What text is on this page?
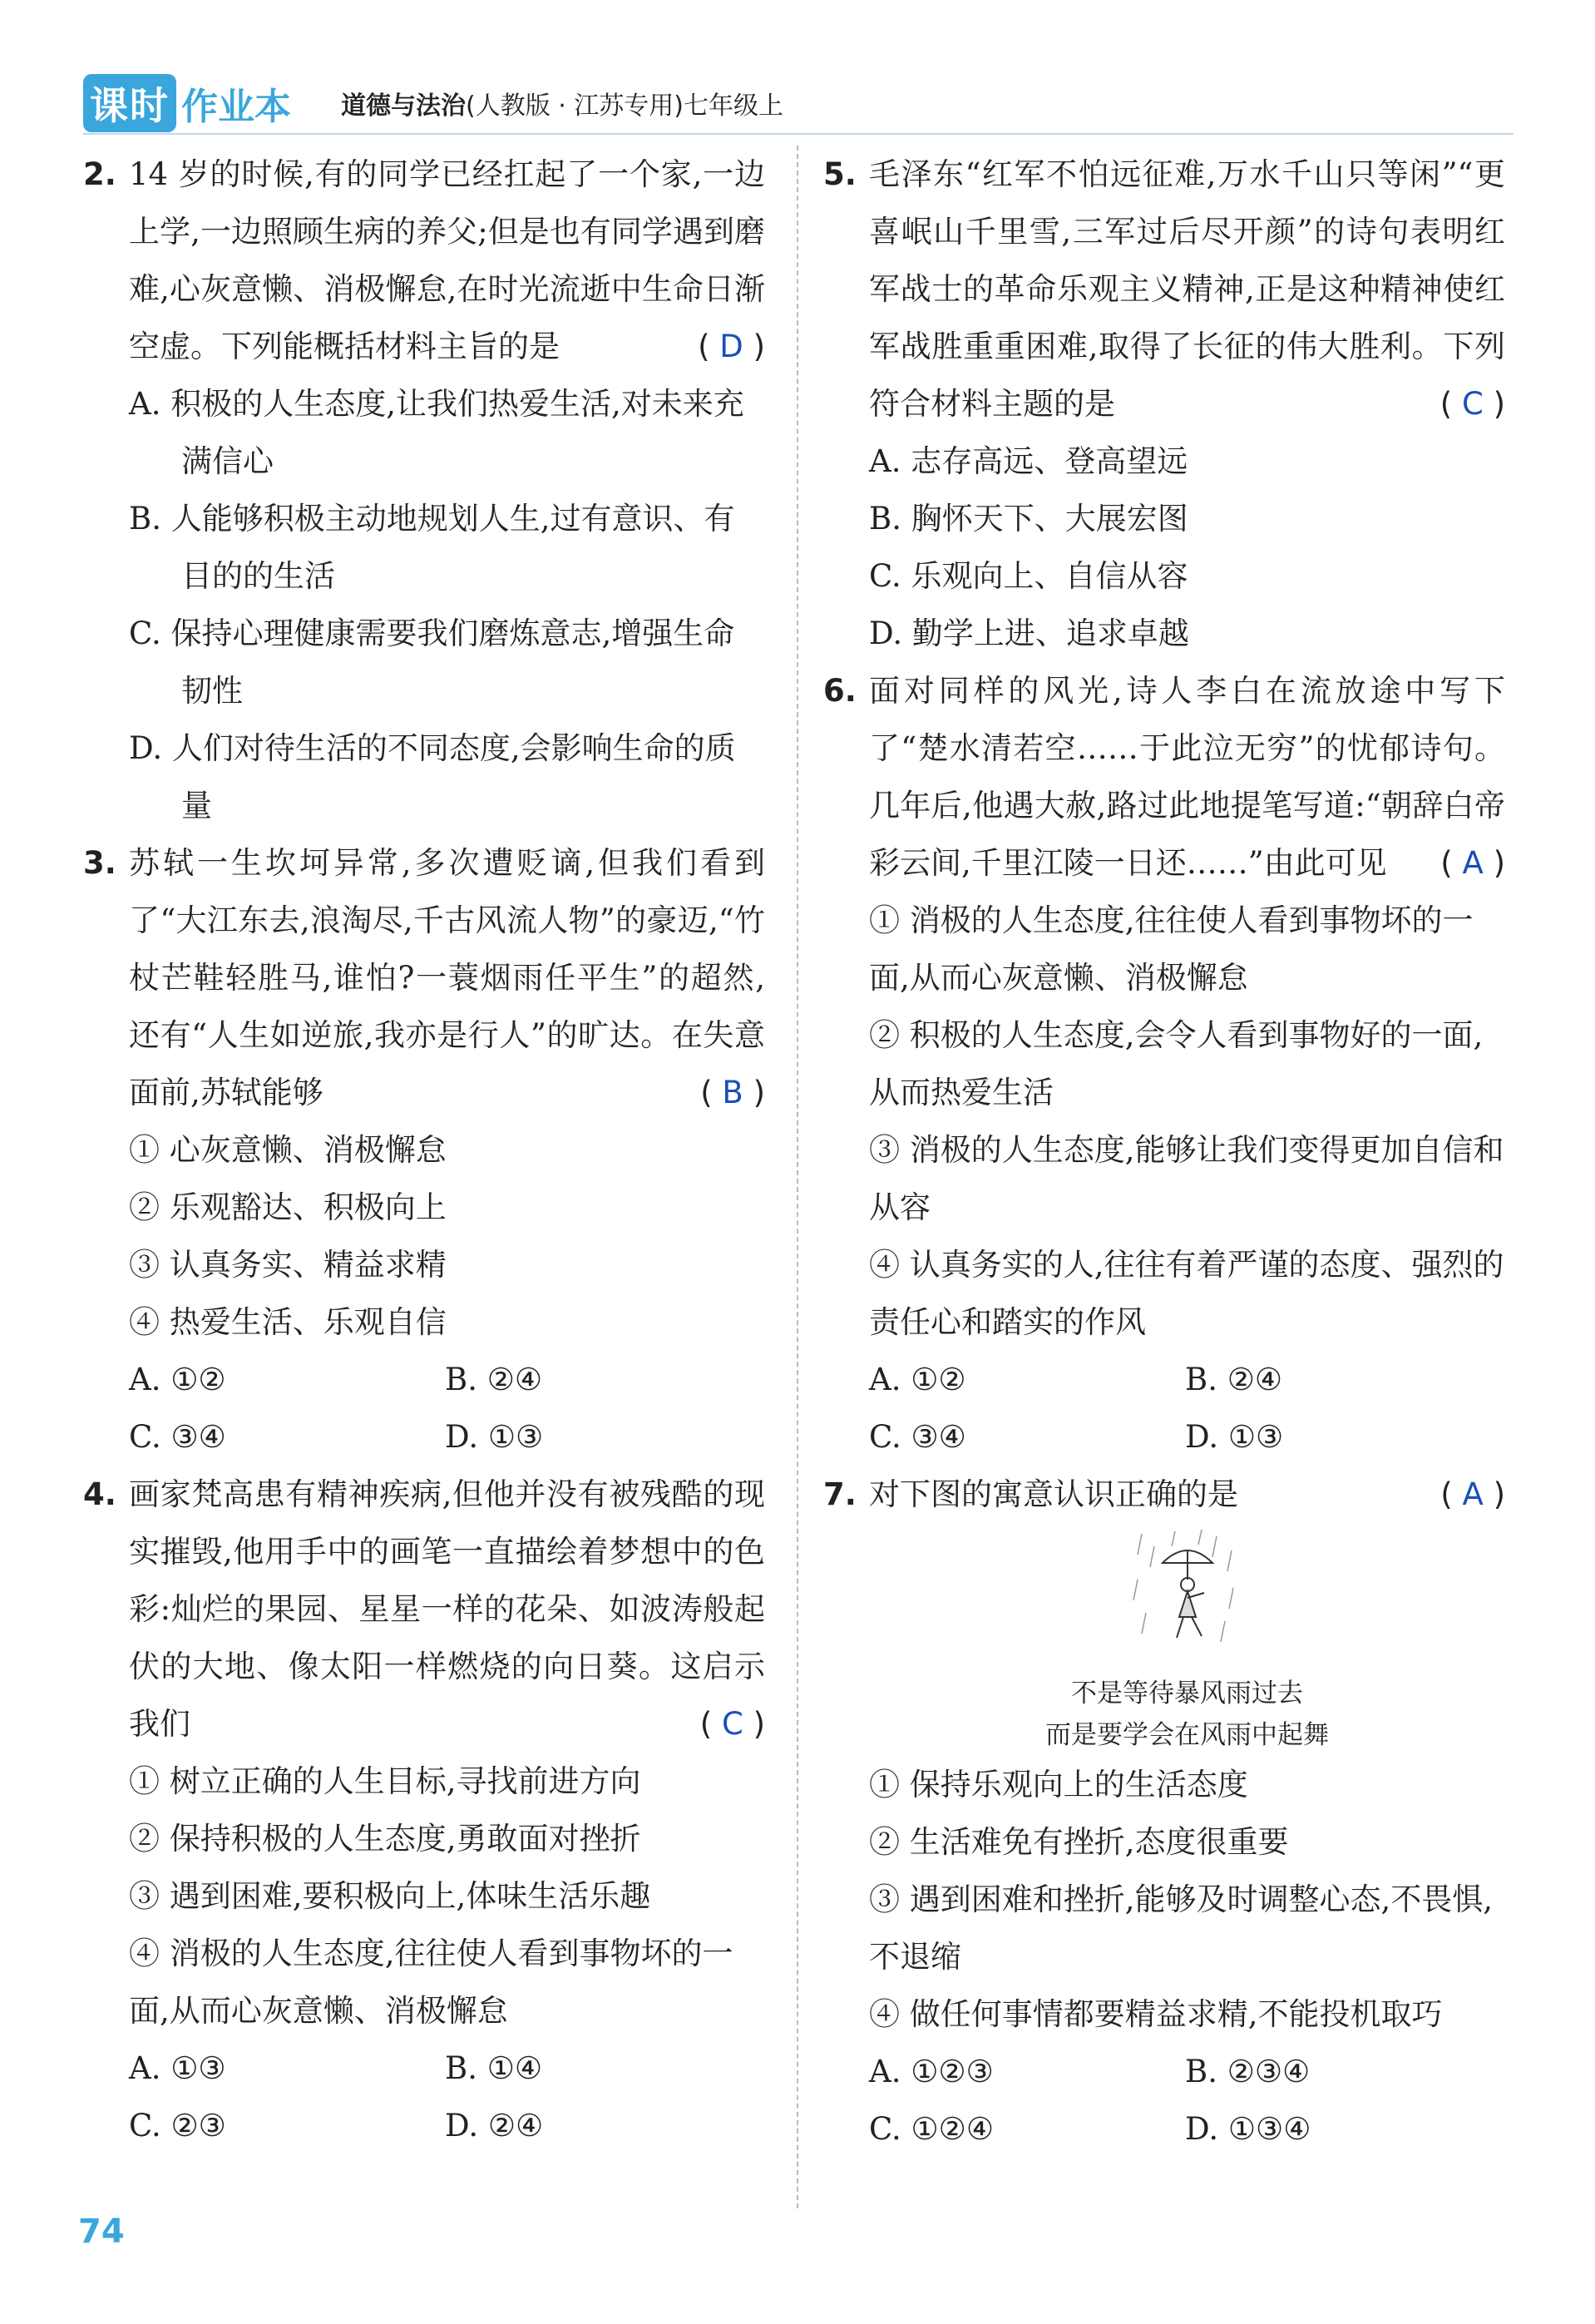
课时 作业本 道德与法治(人教版 · 江苏专用)七年级上
2. 14 岁的时候,有的同学已经扛起了一个家,一边上学,一边照顾生病的养父;但是也有同学遇到磨难,心灰意懒、消极懈怠,在时光流逝中生命日渐空虚。下列能概括材料主旨的是	( D )
A. 积极的人生态度,让我们热爱生活,对未来充满信心
B. 人能够积极主动地规划人生,过有意识、有目的的生活
C. 保持心理健康需要我们磨炼意志,增强生命韧性
D. 人们对待生活的不同态度,会影响生命的质量
3. 苏轼一生坎坷异常,多次遭贬谪,但我们看到了“大江东去,浪淘尽,千古风流人物”的豪迈,“竹杖芒鞋轻胜马,谁怕?一蓑烟雨任平生”的超然,还有“人生如逆旅,我亦是行人”的旷达。在失意面前,苏轼能够	( B )
① 心灰意懒、消极懈怠
② 乐观豁达、积极向上
③ 认真务实、精益求精
④ 热爱生活、乐观自信
A. ①②	B. ②④
C. ③④	D. ①③
4. 画家梵高患有精神疾病,但他并没有被残酷的现实摧毁,他用手中的画笔一直描绘着梦想中的色彩:灿烂的果园、星星一样的花朵、如波涛般起伏的大地、像太阳一样燃烧的向日葵。这启示我们	( C )
① 树立正确的人生目标,寻找前进方向
② 保持积极的人生态度,勇敢面对挫折
③ 遇到困难,要积极向上,体味生活乐趣
④ 消极的人生态度,往往使人看到事物坏的一面,从而心灰意懒、消极懈怠
A. ①③	B. ①④
C. ②③	D. ②④
5. 毛泽东“红军不怕远征难,万水千山只等闲”“更喜岷山千里雪,三军过后尽开颜”的诗句表明红军战士的革命乐观主义精神,正是这种精神使红军战胜重重困难,取得了长征的伟大胜利。下列符合材料主题的是	( C )
A. 志存高远、登高望远
B. 胸怀天下、大展宏图
C. 乐观向上、自信从容
D. 勤学上进、追求卓越
6. 面对同样的风光,诗人李白在流放途中写下了“楚水清若空……于此泣无穷”的忧郁诗句。几年后,他遇大赦,路过此地提笔写道:“朝辞白帝彩云间,千里江陵一日还……”由此可见 ( A )
① 消极的人生态度,往往使人看到事物坏的一面,从而心灰意懒、消极懈怠
② 积极的人生态度,会令人看到事物好的一面,从而热爱生活
③ 消极的人生态度,能够让我们变得更加自信和从容
④ 认真务实的人,往往有着严谨的态度、强烈的责任心和踏实的作风
A. ①②	B. ②④
C. ③④	D. ①③
7. 对下图的寓意认识正确的是	( A )
不是等待暴风雨过去
而是要学会在风雨中起舞
① 保持乐观向上的生活态度
② 生活难免有挫折,态度很重要
③ 遇到困难和挫折,能够及时调整心态,不畏惧,不退缩
④ 做任何事情都要精益求精,不能投机取巧
A. ①②③	B. ②③④
C. ①②④	D. ①③④
74
